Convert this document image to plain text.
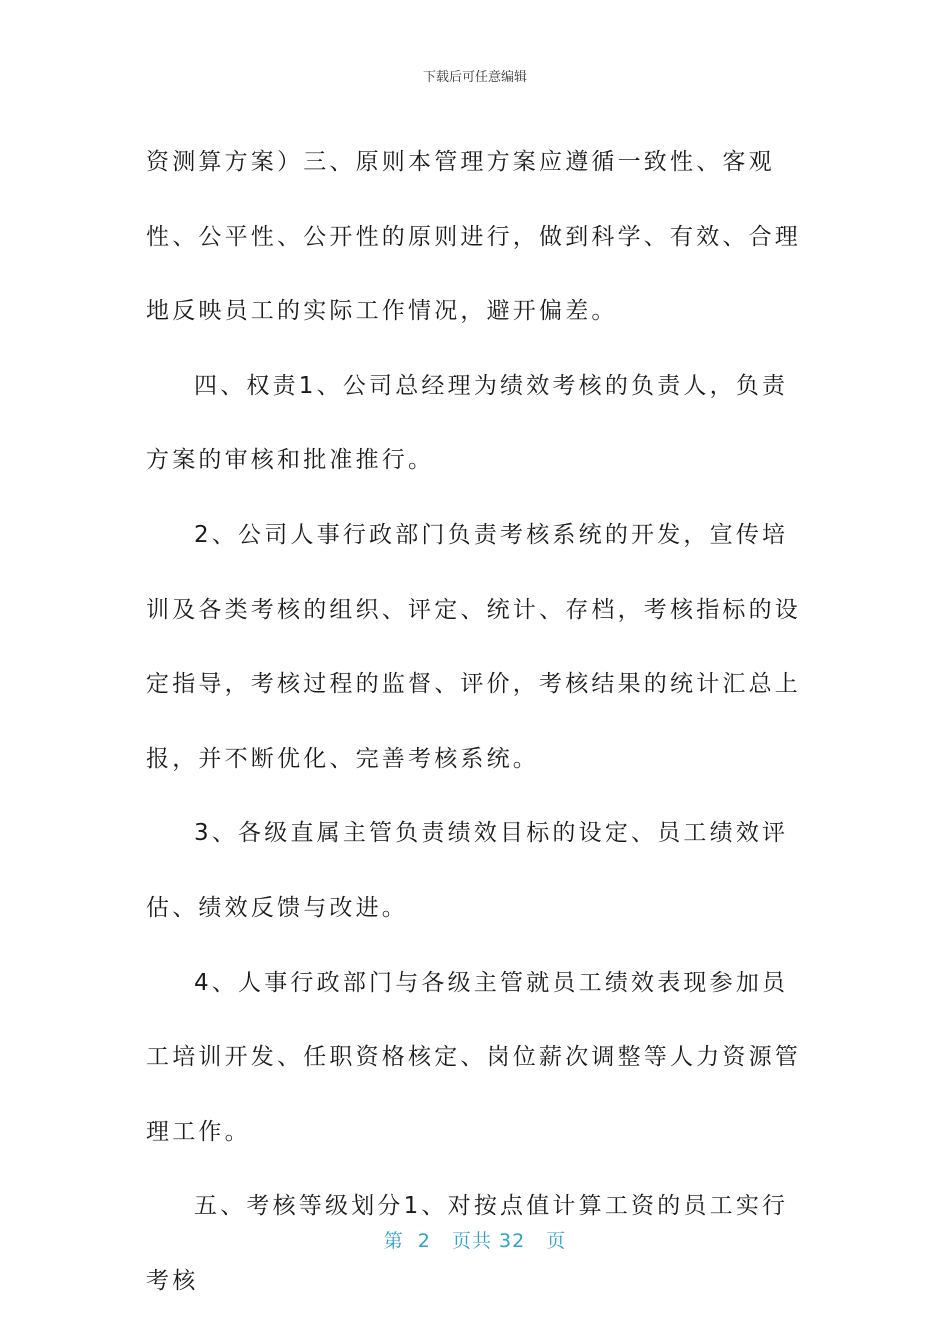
下载后可任意编辑

资测算方案）三、原则本管理方案应遵循一致性、客观性、公平性、公开性的原则进行，做到科学、有效、合理地反映员工的实际工作情况，避开偏差。

四、权责1、公司总经理为绩效考核的负责人，负责方案的审核和批准推行。

2、公司人事行政部门负责考核系统的开发，宣传培训及各类考核的组织、评定、统计、存档，考核指标的设定指导，考核过程的监督、评价，考核结果的统计汇总上报，并不断优化、完善考核系统。

3、各级直属主管负责绩效目标的设定、员工绩效评估、绩效反馈与改进。

4、人事行政部门与各级主管就员工绩效表现参加员工培训开发、任职资格核定、岗位薪次调整等人力资源管理工作。

五、考核等级划分1、对按点值计算工资的员工实行考核

第  2   页共 32   页
